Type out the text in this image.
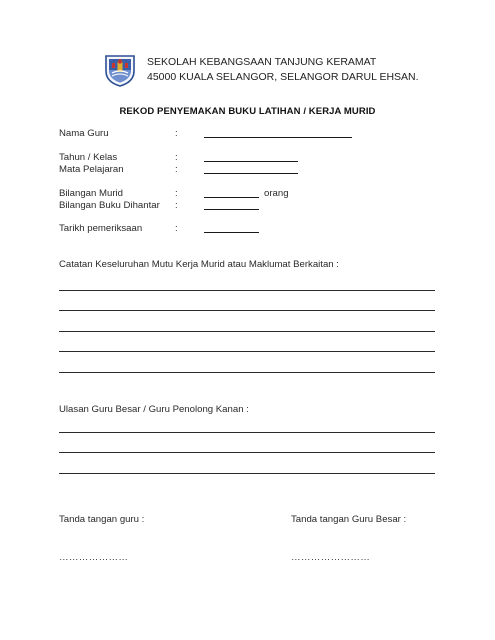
SEKOLAH KEBANGSAAN TANJUNG KERAMAT
45000 KUALA SELANGOR, SELANGOR DARUL EHSAN.
REKOD PENYEMAKAN BUKU LATIHAN / KERJA MURID
Nama Guru	:
Tahun / Kelas	:
Mata Pelajaran	:
Bilangan Murid	:	orang
Bilangan Buku Dihantar :
Tarikh pemeriksaan	:
Catatan Keseluruhan Mutu Kerja Murid atau Maklumat Berkaitan :
Ulasan Guru Besar / Guru Penolong Kanan :
Tanda tangan guru :	Tanda tangan Guru Besar :
…………………	……………………
